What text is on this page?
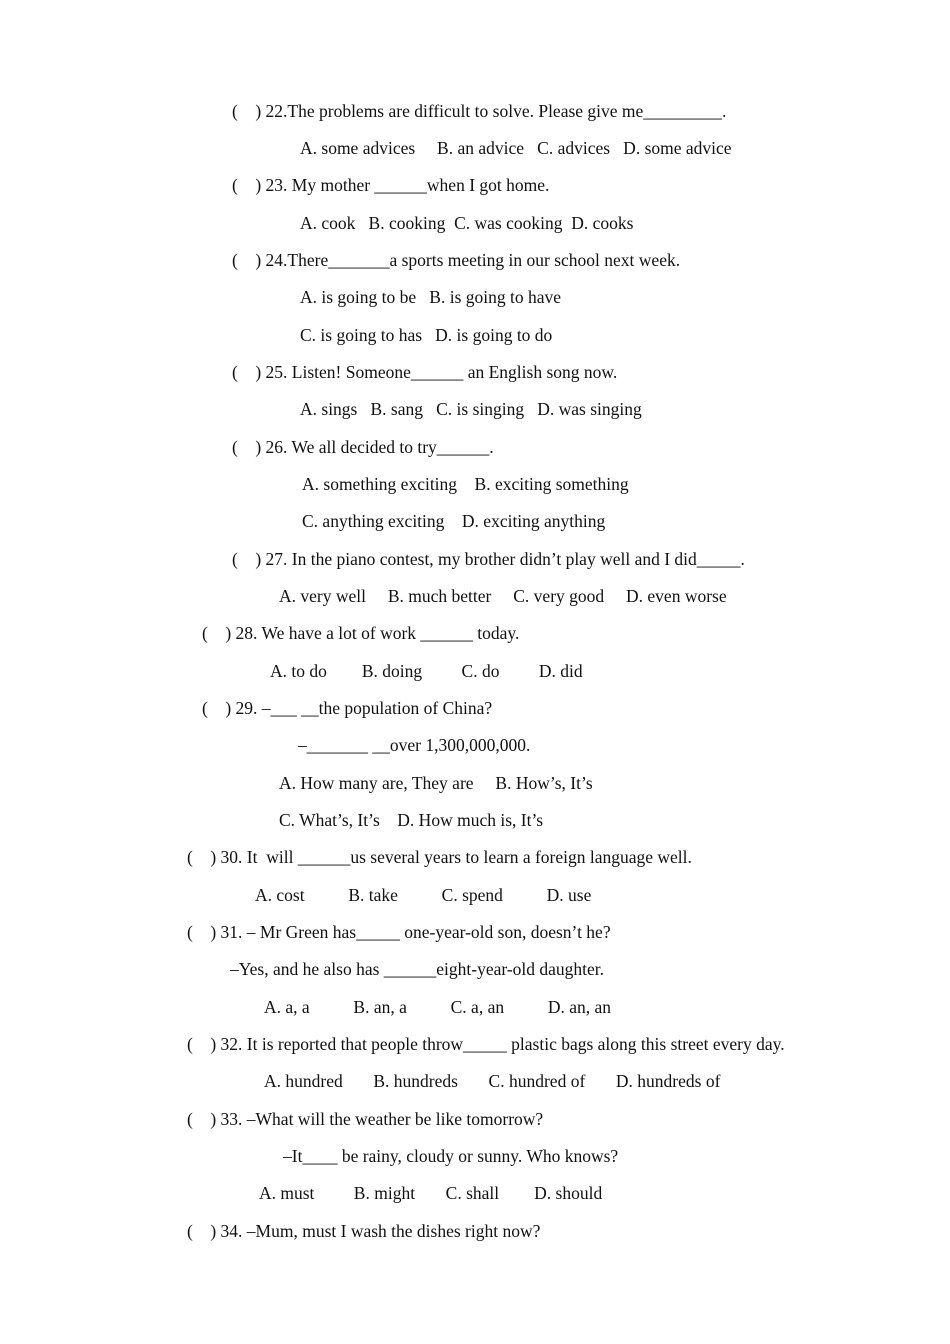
(    ) 22.The problems are difficult to solve. Please give me_________.
A. some advices     B. an advice   C. advices   D. some advice
(    ) 23. My mother ______when I got home.
A. cook   B. cooking  C. was cooking  D. cooks
(    ) 24.There_______a sports meeting in our school next week.
A. is going to be   B. is going to have
C. is going to has   D. is going to do
(    ) 25. Listen! Someone______ an English song now.
A. sings   B. sang   C. is singing   D. was singing
(    ) 26. We all decided to try______.
A. something exciting    B. exciting something
C. anything exciting    D. exciting anything
(    ) 27. In the piano contest, my brother didn’t play well and I did_____.
A. very well     B. much better     C. very good     D. even worse
(    ) 28. We have a lot of work ______ today.
A. to do        B. doing         C. do         D. did
(    ) 29. –___ __the population of China?
–_______ __over 1,300,000,000.
A. How many are, They are     B. How’s, It’s
C. What’s, It’s    D. How much is, It’s
(    ) 30. It  will ______us several years to learn a foreign language well.
A. cost          B. take          C. spend          D. use
(    ) 31. – Mr Green has_____ one-year-old son, doesn’t he?
–Yes, and he also has ______eight-year-old daughter.
A. a, a          B. an, a          C. a, an          D. an, an
(    ) 32. It is reported that people throw_____ plastic bags along this street every day.
A. hundred       B. hundreds       C. hundred of       D. hundreds of
(    ) 33. –What will the weather be like tomorrow?
–It____ be rainy, cloudy or sunny. Who knows?
A. must         B. might       C. shall        D. should
(    ) 34. –Mum, must I wash the dishes right now?
